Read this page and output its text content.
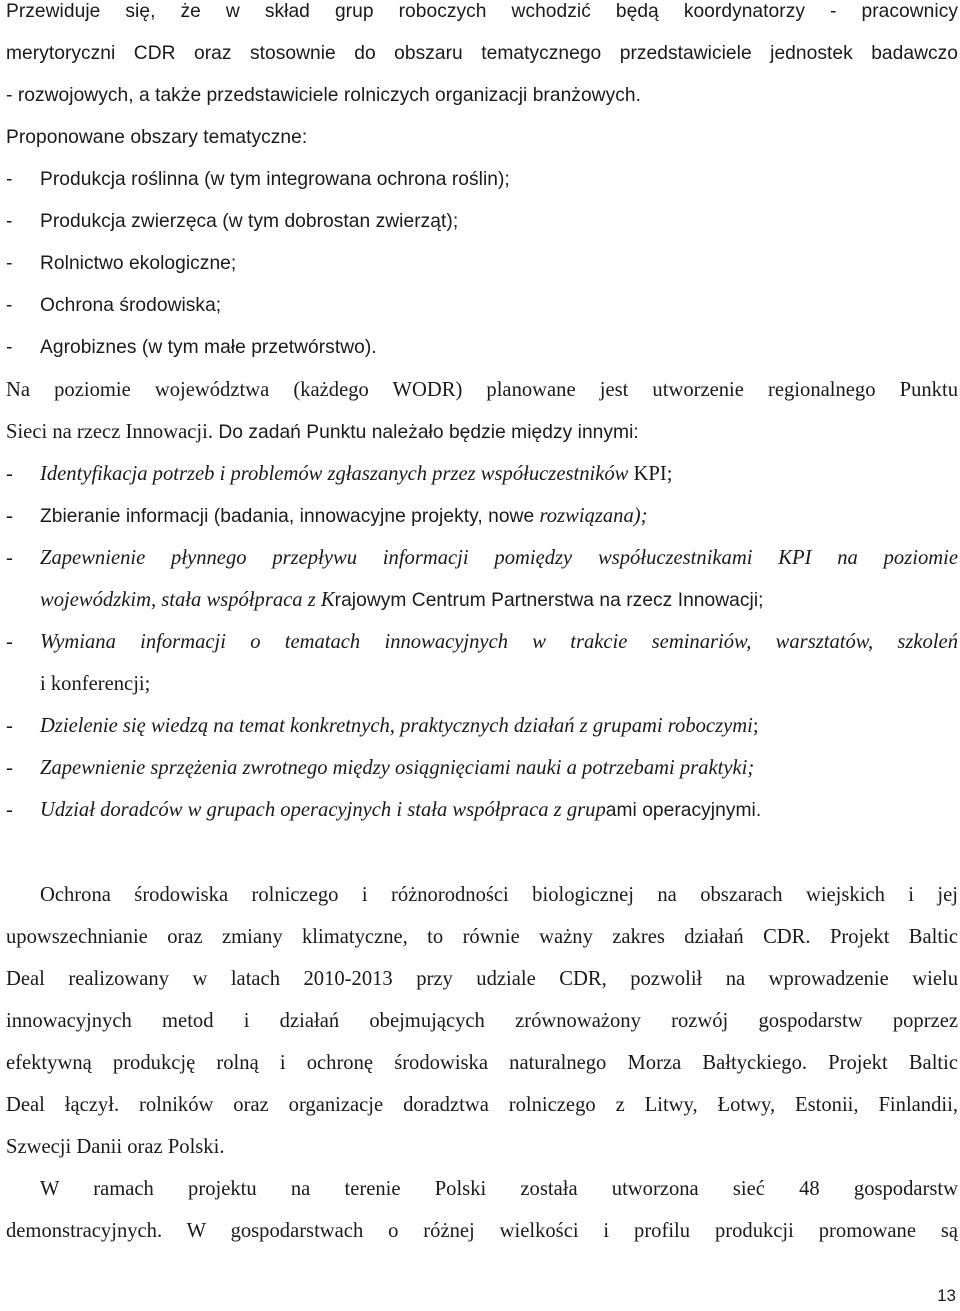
Przewiduje się, że w skład grup roboczych wchodzić będą koordynatorzy - pracownicy
merytoryczni CDR oraz stosownie do obszaru tematycznego przedstawiciele jednostek badawczo
- rozwojowych, a także przedstawiciele rolniczych organizacji branżowych.
Proponowane obszary tematyczne:
- Produkcja roślinna (w tym integrowana ochrona roślin);
- Produkcja zwierzęca (w tym dobrostan zwierząt);
- Rolnictwo ekologiczne;
- Ochrona środowiska;
- Agrobiznes (w tym małe przetwórstwo).
Na poziomie województwa (każdego WODR) planowane jest utworzenie regionalnego Punktu
Sieci na rzecz Innowacji. Do zadań Punktu należało będzie między innymi:
- Identyfikacja potrzeb i problemów zgłaszanych przez współuczestników KPI;
- Zbieranie informacji (badania, innowacyjne projekty, nowe rozwiązana);
- Zapewnienie płynnego przepływu informacji pomiędzy współuczestnikami KPI na poziomie
wojewódzkim, stała współpraca z Krajowym Centrum Partnerstwa na rzecz Innowacji;
- Wymiana informacji o tematach innowacyjnych w trakcie seminariów, warsztatów, szkoleń
i konferencji;
- Dzielenie się wiedzą na temat konkretnych, praktycznych działań z grupami roboczymi;
- Zapewnienie sprzężenia zwrotnego między osiągnięciami nauki a potrzebami praktyki;
- Udział doradców w grupach operacyjnych i stała współpraca z grupami operacyjnymi.
Ochrona środowiska rolniczego i różnorodności biologicznej na obszarach wiejskich i jej
upowszechnianie oraz zmiany klimatyczne, to równie ważny zakres działań CDR. Projekt Baltic
Deal realizowany w latach 2010-2013 przy udziale CDR, pozwolił na wprowadzenie wielu
innowacyjnych metod i działań obejmujących zrównoważony rozwój gospodarstw poprzez
efektywną produkcję rolną i ochronę środowiska naturalnego Morza Bałtyckiego. Projekt Baltic
Deal łączył. rolników oraz organizacje doradztwa rolniczego z Litwy, Łotwy, Estonii, Finlandii,
Szwecji Danii oraz Polski.
W ramach projektu na terenie Polski została utworzona sieć 48 gospodarstw
demonstracyjnych. W gospodarstwach o różnej wielkości i profilu produkcji promowane są
13
